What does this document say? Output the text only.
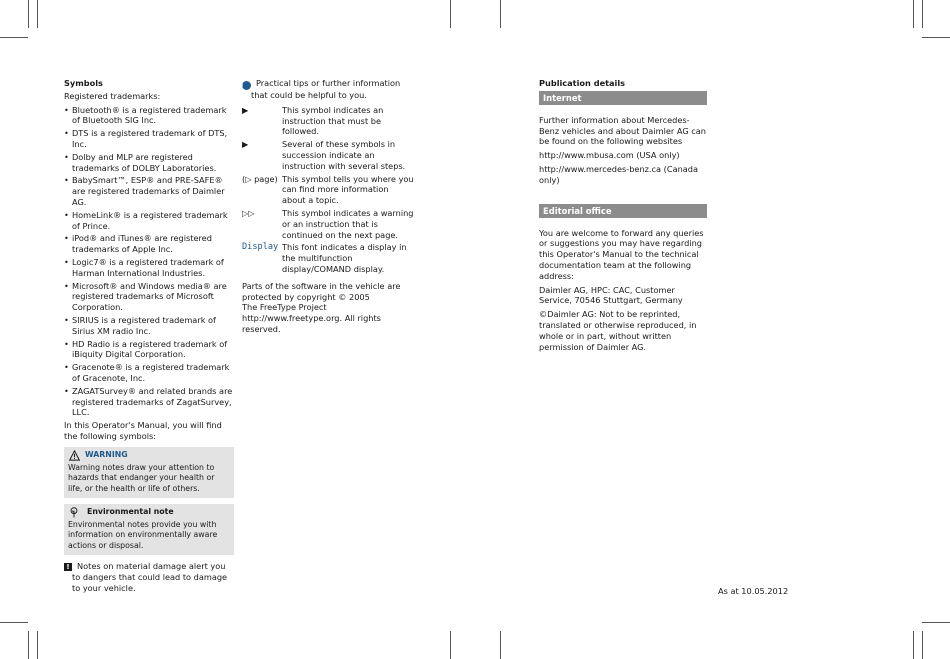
Symbols

Registered trademarks:

• Bluetooth® is a registered trademark of Bluetooth SIG Inc.
• DTS is a registered trademark of DTS, Inc.
• Dolby and MLP are registered trademarks of DOLBY Laboratories.
• BabySmart™, ESP® and PRE-SAFE® are registered trademarks of Daimler AG.
• HomeLink® is a registered trademark of Prince.
• iPod® and iTunes® are registered trademarks of Apple Inc.
• Logic7® is a registered trademark of Harman International Industries.
• Microsoft® and Windows media® are registered trademarks of Microsoft Corporation.
• SIRIUS is a registered trademark of Sirius XM radio Inc.
• HD Radio is a registered trademark of iBiquity Digital Corporation.
• Gracenote® is a registered trademark of Gracenote, Inc.
• ZAGATSurvey® and related brands are registered trademarks of ZagatSurvey, LLC.

In this Operator's Manual, you will find the following symbols:

WARNING
Warning notes draw your attention to hazards that endanger your health or life, or the health or life of others.
Environmental note
Environmental notes provide you with information on environmentally aware actions or disposal.
! Notes on material damage alert you to dangers that could lead to damage to your vehicle.

i Practical tips or further information that could be helpful to you.

▶	This symbol indicates an instruction that must be followed.
▶	Several of these symbols in succession indicate an instruction with several steps.
(▷ page) This symbol tells you where you can find more information about a topic.
▷▷	This symbol indicates a warning or an instruction that is continued on the next page.
Display This font indicates a display in the multifunction display/COMAND display.
Parts of the software in the vehicle are protected by copyright © 2005
The FreeType Project
http://www.freetype.org. All rights reserved.
Publication details
Internet

Further information about Mercedes-Benz vehicles and about Daimler AG can be found on the following websites

http://www.mbusa.com (USA only)

http://www.mercedes-benz.ca (Canada only)

Editorial office

You are welcome to forward any queries or suggestions you may have regarding this Operator's Manual to the technical documentation team at the following address:

Daimler AG, HPC: CAC, Customer Service, 70546 Stuttgart, Germany

©Daimler AG: Not to be reprinted, translated or otherwise reproduced, in whole or in part, without written permission of Daimler AG.

As at 10.05.2012
